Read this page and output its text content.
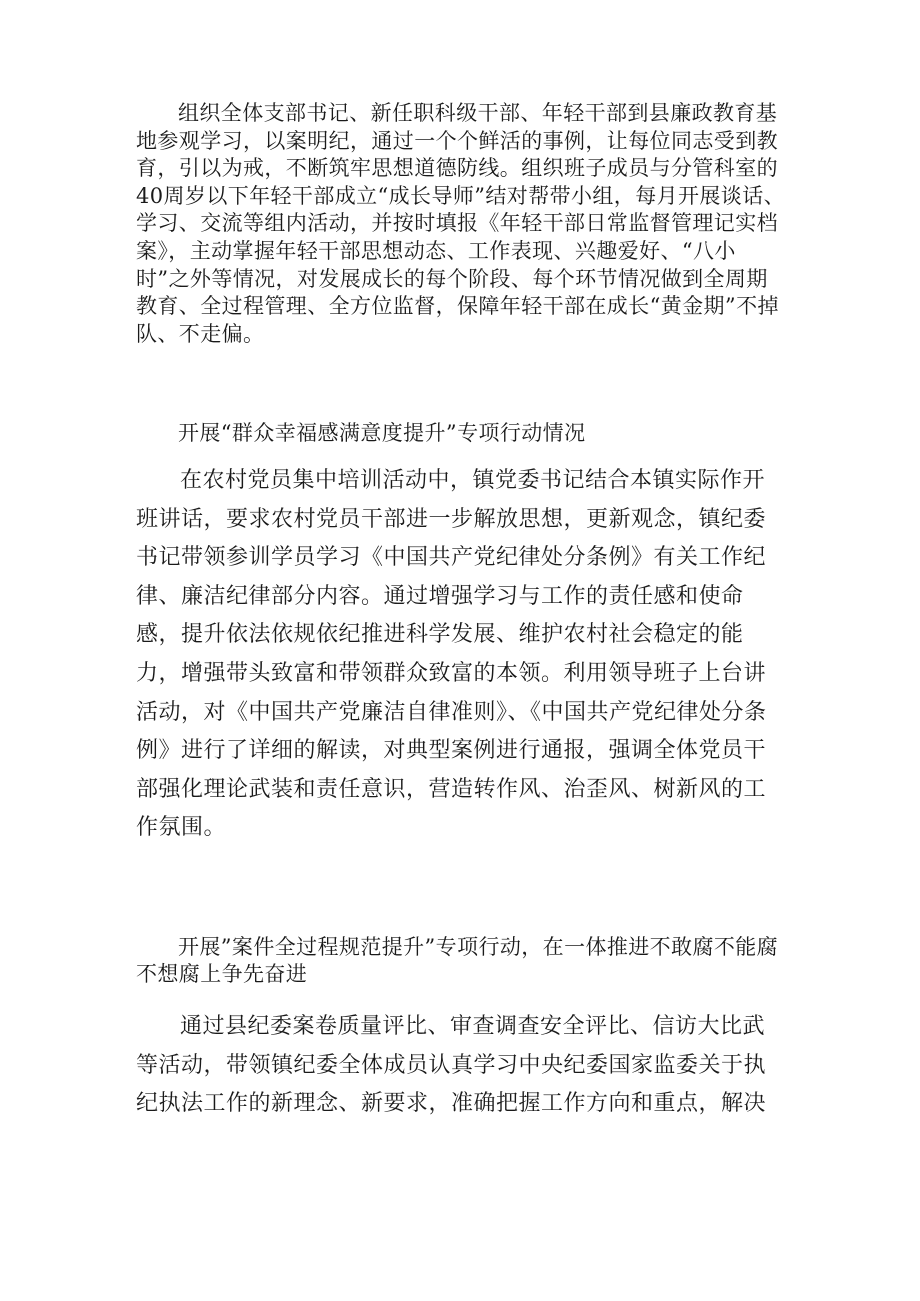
组织全体支部书记、新任职科级干部、年轻干部到县廉政教育基地参观学习，以案明纪，通过一个个鲜活的事例，让每位同志受到教育，引以为戒，不断筑牢思想道德防线。组织班子成员与分管科室的40周岁以下年轻干部成立“成长导师”结对帮带小组，每月开展谈话、学习、交流等组内活动，并按时填报《年轻干部日常监督管理记实档案》，主动掌握年轻干部思想动态、工作表现、兴趣爱好、“八小时”之外等情况，对发展成长的每个阶段、每个环节情况做到全周期教育、全过程管理、全方位监督，保障年轻干部在成长“黄金期”不掉队、不走偏。

开展“群众幸福感满意度提升”专项行动情况

在农村党员集中培训活动中，镇党委书记结合本镇实际作开班讲话，要求农村党员干部进一步解放思想，更新观念，镇纪委书记带领参训学员学习《中国共产党纪律处分条例》有关工作纪律、廉洁纪律部分内容。通过增强学习与工作的责任感和使命感，提升依法依规依纪推进科学发展、维护农村社会稳定的能力，增强带头致富和带领群众致富的本领。利用领导班子上台讲活动，对《中国共产党廉洁自律准则》、《中国共产党纪律处分条例》进行了详细的解读，对典型案例进行通报，强调全体党员干部强化理论武装和责任意识，营造转作风、治歪风、树新风的工作氛围。

开展”案件全过程规范提升”专项行动，在一体推进不敢腐不能腐不想腐上争先奋进

通过县纪委案卷质量评比、审查调查安全评比、信访大比武等活动，带领镇纪委全体成员认真学习中央纪委国家监委关于执纪执法工作的新理念、新要求，准确把握工作方向和重点，解决
